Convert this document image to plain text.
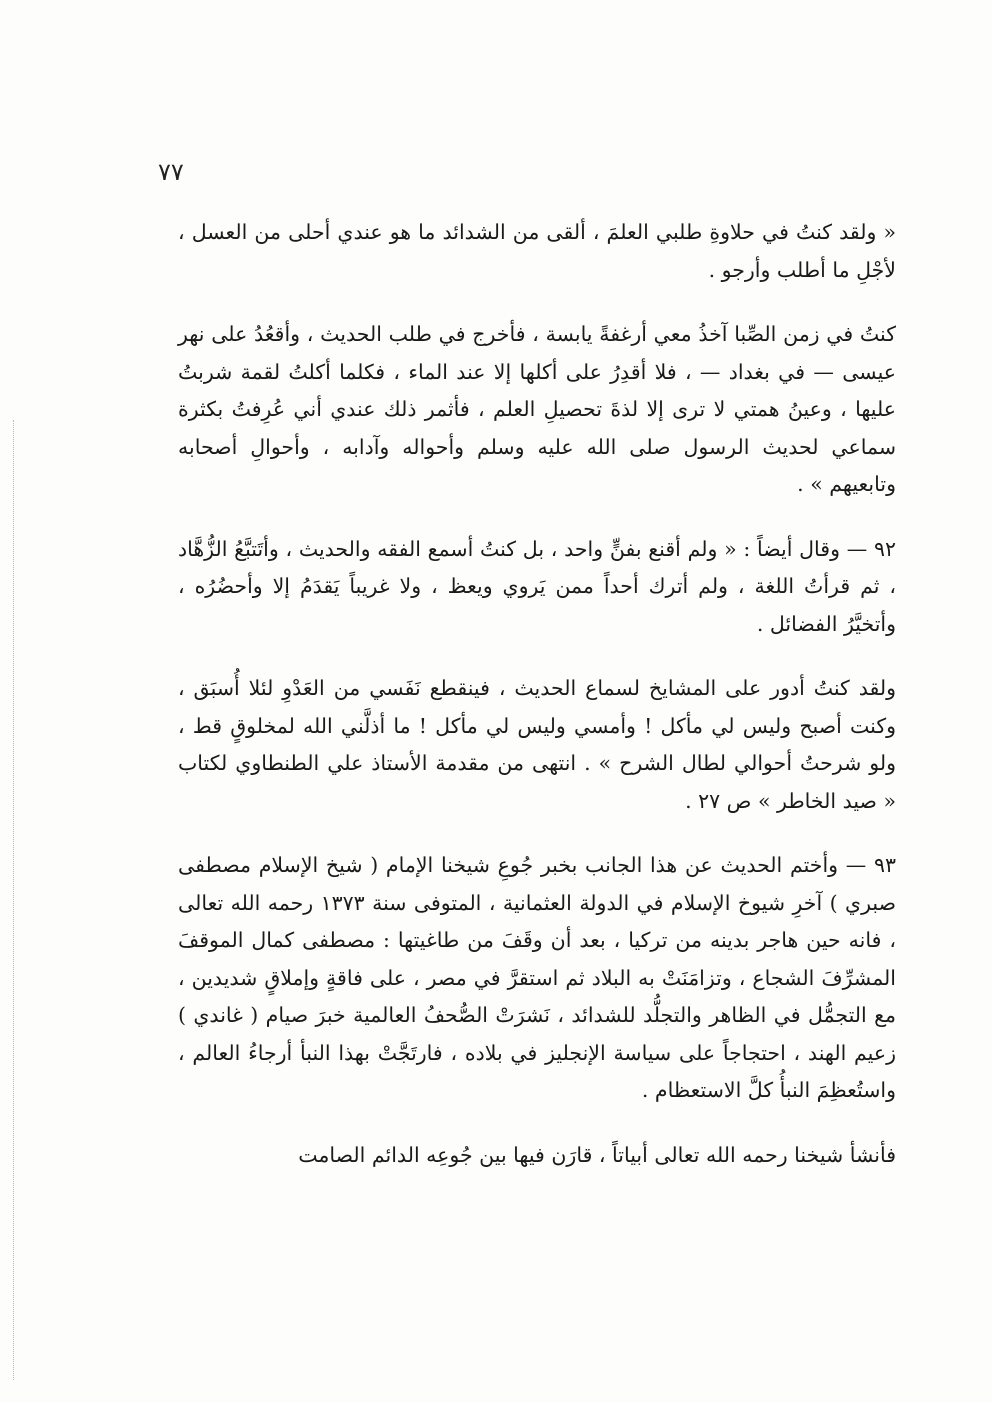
٧٧

« ولقد كنتُ في حلاوةِ طلبي العلمَ ، ألقى من الشدائد ما هو عندي أحلى من العسل ، لأجْلِ ما أطلب وأرجو .

كنتُ في زمن الصِّبا آخذُ معي أرغفةً يابسة ، فأخرج في طلب الحديث ، وأقعُدُ على نهر عيسى — في بغداد — ، فلا أقدِرُ على أكلها إلا عند الماء ، فكلما أكلتُ لقمة شربتُ عليها ، وعينُ همتي لا ترى إلا لذةَ تحصيلِ العلم ، فأثمر ذلك عندي أني عُرِفتُ بكثرة سماعي لحديث الرسول صلى الله عليه وسلم وأحواله وآدابه ، وأحوالِ أصحابه وتابعيهم » .

٩٢ — وقال أيضاً : « ولم أقنع بفنٍّ واحد ، بل كنتُ أسمع الفقه والحديث ، وأتَتبَّعُ الزُّهَّاد ، ثم قرأتُ اللغة ، ولم أترك أحداً ممن يَروي ويعظ ، ولا غريباً يَقدَمُ إلا وأحضُرُه ، وأتخيَّرُ الفضائل .

ولقد كنتُ أدور على المشايخ لسماع الحديث ، فينقطع نَفَسي من العَدْوِ لئلا أُسبَق ، وكنت أصبح وليس لي مأكل ! وأمسي وليس لي مأكل ! ما أذلَّني الله لمخلوقٍ قط ، ولو شرحتُ أحوالي لطال الشرح » . انتهى من مقدمة الأستاذ علي الطنطاوي لكتاب « صيد الخاطر » ص ٢٧ .

٩٣ — وأختم الحديث عن هذا الجانب بخبر جُوعِ شيخنا الإمام ( شيخ الإسلام مصطفى صبري ) آخرِ شيوخ الإسلام في الدولة العثمانية ، المتوفى سنة ١٣٧٣ رحمه الله تعالى ، فانه حين هاجر بدينه من تركيا ، بعد أن وقَفَ من طاغيتها : مصطفى كمال الموقفَ المشرِّفَ الشجاع ، وتزامَنَتْ به البلاد ثم استقرَّ في مصر ، على فاقةٍ وإملاقٍ شديدين ، مع التجمُّل في الظاهر والتجلُّد للشدائد ، نَشرَتْ الصُّحفُ العالمية خبرَ صيام ( غاندي ) زعيم الهند ، احتجاجاً على سياسة الإنجليز في بلاده ، فارتَجَّتْ بهذا النبأ أرجاءُ العالم ، واستُعظِمَ النبأُ كلَّ الاستعظام .

فأنشأ شيخنا رحمه الله تعالى أبياتاً ، قارَن فيها بين جُوعِه الدائم الصامت
